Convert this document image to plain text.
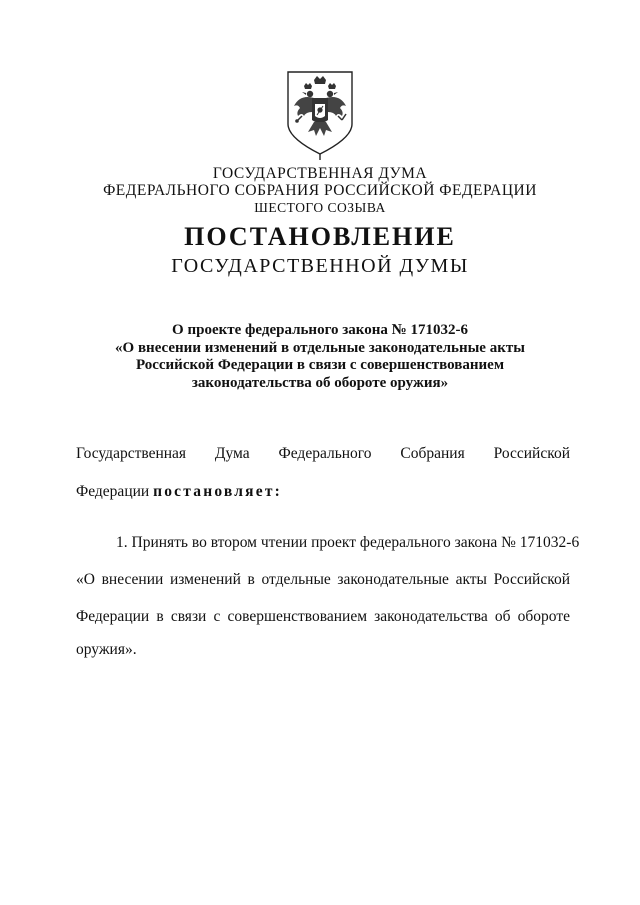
ГОСУДАРСТВЕННАЯ ДУМА
ФЕДЕРАЛЬНОГО СОБРАНИЯ РОССИЙСКОЙ ФЕДЕРАЦИИ
ШЕСТОГО СОЗЫВА
ПОСТАНОВЛЕНИЕ
ГОСУДАРСТВЕННОЙ ДУМЫ
О проекте федерального закона № 171032-6
«О внесении изменений в отдельные законодательные акты
Российской Федерации в связи с совершенствованием
законодательства об обороте оружия»
Государственная Дума Федерального Собрания Российской
Федерации постановляет:
1. Принять во втором чтении проект федерального закона № 171032-6
«О внесении изменений в отдельные законодательные акты Российской
Федерации в связи с совершенствованием законодательства об обороте
оружия».
